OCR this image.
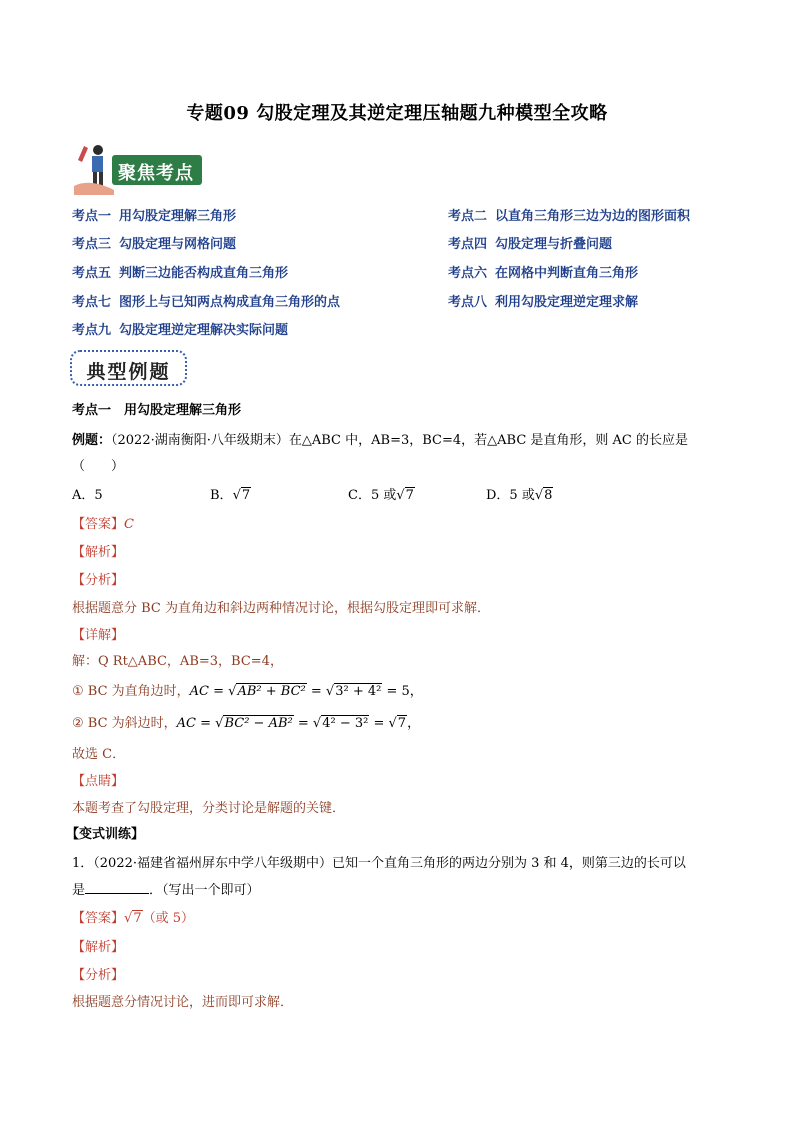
专题09 勾股定理及其逆定理压轴题九种模型全攻略
聚焦考点
考点一 用勾股定理解三角形	考点二 以直角三角形三边为边的图形面积
考点三 勾股定理与网格问题	考点四 勾股定理与折叠问题
考点五 判断三边能否构成直角三角形	考点六 在网格中判断直角三角形
考点七 图形上与已知两点构成直角三角形的点	考点八 利用勾股定理逆定理求解
考点九 勾股定理逆定理解决实际问题
典型例题
考点一　用勾股定理解三角形
例题：（2022·湖南衡阳·八年级期末）在△ABC 中，AB=3，BC=4，若△ABC 是直角形，则 AC 的长应是
（　　）
A．5	B．√7	C．5 或√7	D．5 或√8
【答案】C
【解析】
【分析】
根据题意分 BC 为直角边和斜边两种情况讨论，根据勾股定理即可求解．
【详解】
解：Q Rt△ABC，AB=3，BC=4，
① BC 为直角边时，AC = √AB² + BC² = √3² + 4² = 5，
② BC 为斜边时，AC = √BC² − AB² = √4² − 3² = √7，
故选 C．
【点睛】
本题考查了勾股定理，分类讨论是解题的关键．
【变式训练】
1．（2022·福建省福州屏东中学八年级期中）已知一个直角三角形的两边分别为 3 和 4，则第三边的长可以
是	．（写出一个即可）
【答案】√7（或 5）
【解析】
【分析】
根据题意分情况讨论，进而即可求解．
